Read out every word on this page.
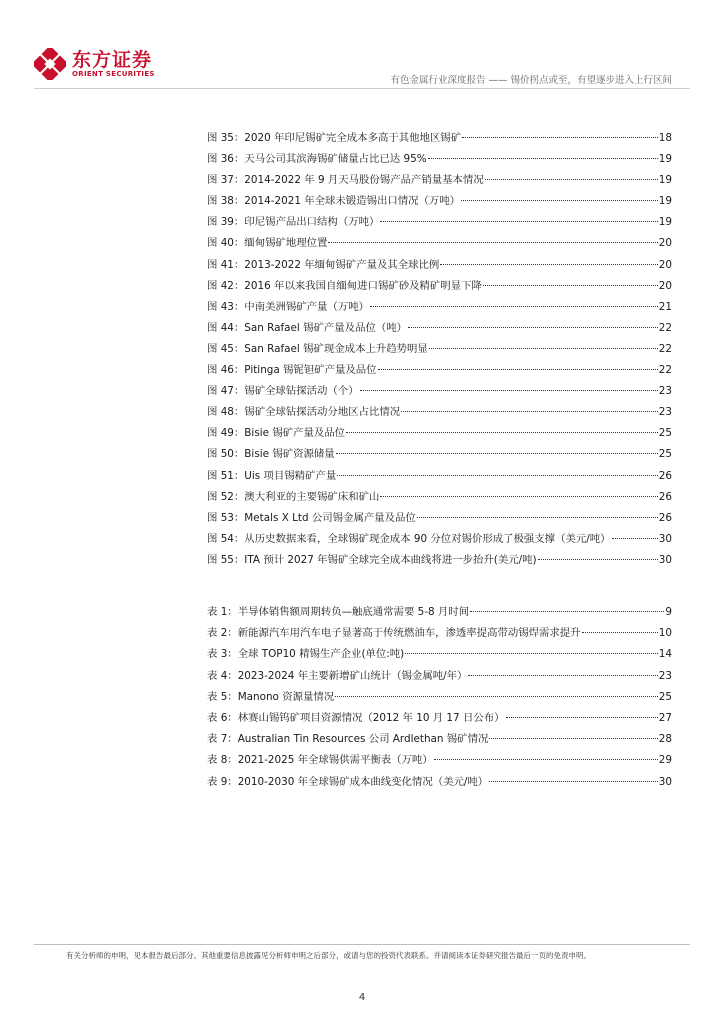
东方证券
ORIENT SECURITIES
有色金属行业深度报告 —— 锡价拐点或至，有望逐步进入上行区间
图 35：2020 年印尼锡矿完全成本多高于其他地区锡矿	18
图 36：天马公司其滨海锡矿储量占比已达 95%	19
图 37：2014-2022 年 9 月天马股份锡产品产销量基本情况	19
图 38：2014-2021 年全球未锻造锡出口情况（万吨）	19
图 39：印尼锡产品出口结构（万吨）	19
图 40：缅甸锡矿地理位置	20
图 41：2013-2022 年缅甸锡矿产量及其全球比例	20
图 42：2016 年以来我国自缅甸进口锡矿砂及精矿明显下降	20
图 43：中南美洲锡矿产量（万吨）	21
图 44：San Rafael 锡矿产量及品位（吨）	22
图 45：San Rafael 锡矿现金成本上升趋势明显	22
图 46：Pitinga 锡铌钽矿产量及品位	22
图 47：锡矿全球钻探活动（个）	23
图 48：锡矿全球钻探活动分地区占比情况	23
图 49：Bisie 锡矿产量及品位	25
图 50：Bisie 锡矿资源储量	25
图 51：Uis 项目锡精矿产量	26
图 52：澳大利亚的主要锡矿床和矿山	26
图 53：Metals X Ltd 公司锡金属产量及品位	26
图 54：从历史数据来看，全球锡矿现金成本 90 分位对锡价形成了极强支撑（美元/吨）	30
图 55：ITA 预计 2027 年锡矿全球完全成本曲线将进一步抬升(美元/吨)	30
表 1：半导体销售额周期转负—触底通常需要 5-8 月时间	9
表 2：新能源汽车用汽车电子显著高于传统燃油车，渗透率提高带动锡焊需求提升	10
表 3：全球 TOP10 精锡生产企业(单位:吨)	14
表 4：2023-2024 年主要新增矿山统计（锡金属吨/年）	23
表 5：Manono 资源量情况	25
表 6：林赛山锡钨矿项目资源情况（2012 年 10 月 17 日公布）	27
表 7：Australian Tin Resources 公司 Ardlethan 锡矿情况	28
表 8：2021-2025 年全球锡供需平衡表（万吨）	29
表 9：2010-2030 年全球锡矿成本曲线变化情况（美元/吨）	30
有关分析师的申明，见本报告最后部分。其他重要信息披露见分析师申明之后部分，或请与您的投资代表联系。并请阅读本证券研究报告最后一页的免责申明。
4
